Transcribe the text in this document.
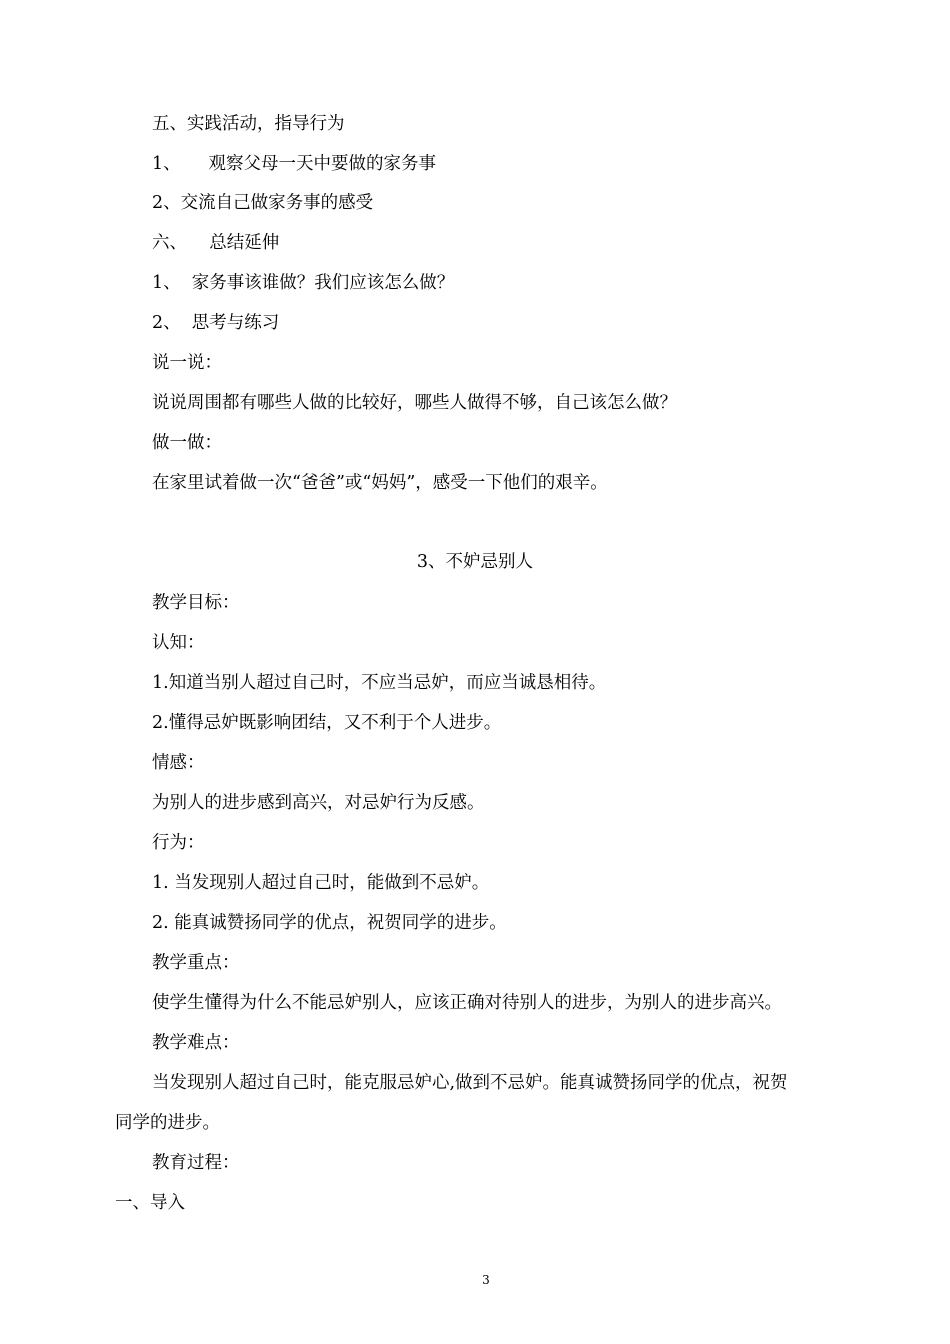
五、实践活动，指导行为
1、     观察父母一天中要做的家务事
2、交流自己做家务事的感受
六、    总结延伸
1、  家务事该谁做？我们应该怎么做？
2、  思考与练习
说一说：
说说周围都有哪些人做的比较好，哪些人做得不够，自己该怎么做？
做一做：
在家里试着做一次“爸爸”或“妈妈”，感受一下他们的艰辛。
3、不妒忌别人
教学目标：
认知：
1.知道当别人超过自己时，不应当忌妒，而应当诚恳相待。
2.懂得忌妒既影响团结，又不利于个人进步。
情感：
为别人的进步感到高兴，对忌妒行为反感。
行为：
1. 当发现别人超过自己时，能做到不忌妒。
2. 能真诚赞扬同学的优点，祝贺同学的进步。
教学重点：
使学生懂得为什么不能忌妒别人，应该正确对待别人的进步，为别人的进步高兴。
教学难点：
当发现别人超过自己时，能克服忌妒心,做到不忌妒。能真诚赞扬同学的优点，祝贺
同学的进步。
教育过程：
一、导入
3
